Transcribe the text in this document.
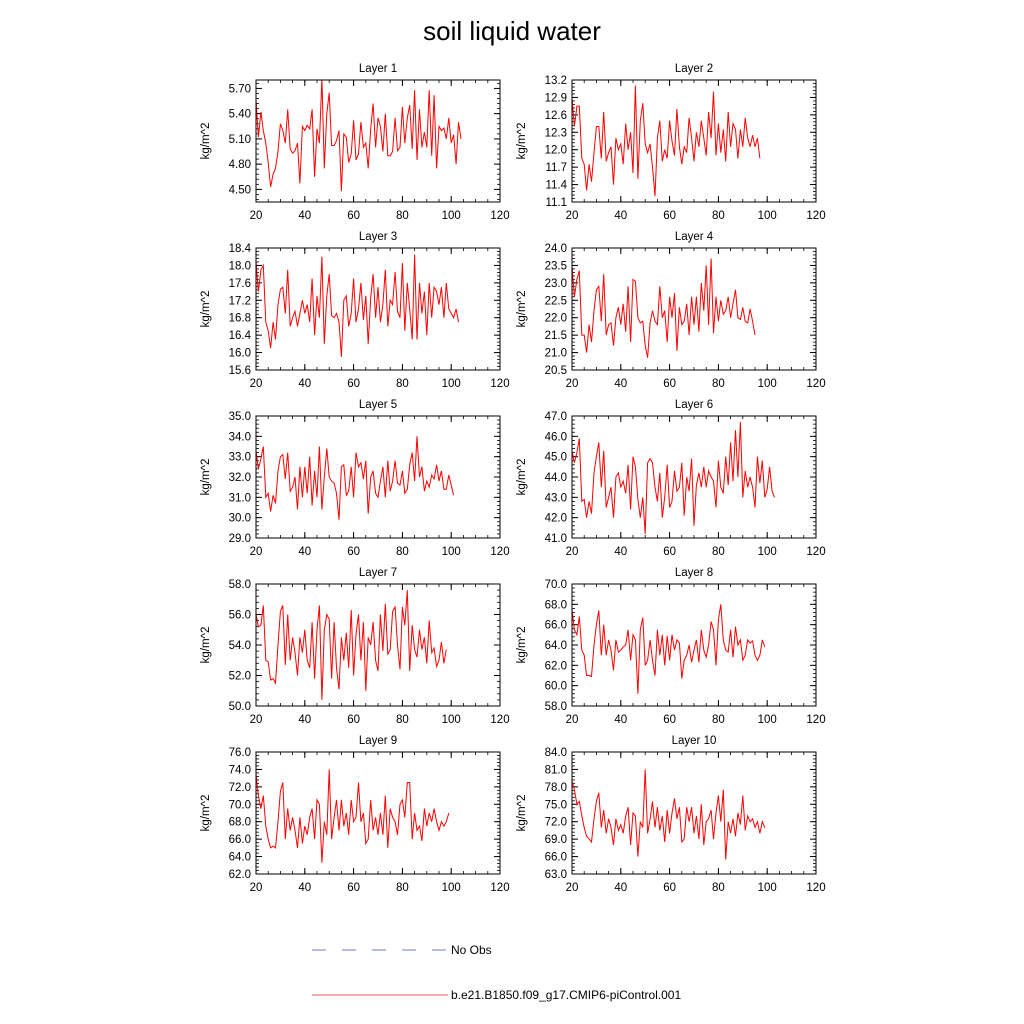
soil liquid water
Layer 1
kg/m^2
20	40	60	80	100	120
4.50
4.80
5.10
5.40
5.70
Layer 2
kg/m^2
20	40	60	80	100	120
11.1
11.4
11.7
12.0
12.3
12.6
12.9
13.2
Layer 3
kg/m^2
20	40	60	80	100	120
15.6
16.0
16.4
16.8
17.2
17.6
18.0
18.4
Layer 4
kg/m^2
20	40	60	80	100	120
20.5
21.0
21.5
22.0
22.5
23.0
23.5
24.0
Layer 5
kg/m^2
20	40	60	80	100	120
29.0
30.0
31.0
32.0
33.0
34.0
35.0
Layer 6
kg/m^2
20	40	60	80	100	120
41.0
42.0
43.0
44.0
45.0
46.0
47.0
Layer 7
kg/m^2
20	40	60	80	100	120
50.0
52.0
54.0
56.0
58.0
Layer 8
kg/m^2
20	40	60	80	100	120
58.0
60.0
62.0
64.0
66.0
68.0
70.0
Layer 9
kg/m^2
20	40	60	80	100	120
62.0
64.0
66.0
68.0
70.0
72.0
74.0
76.0
Layer 10
kg/m^2
20	40	60	80	100	120
63.0
66.0
69.0
72.0
75.0
78.0
81.0
84.0
No Obs
b.e21.B1850.f09_g17.CMIP6-piControl.001
